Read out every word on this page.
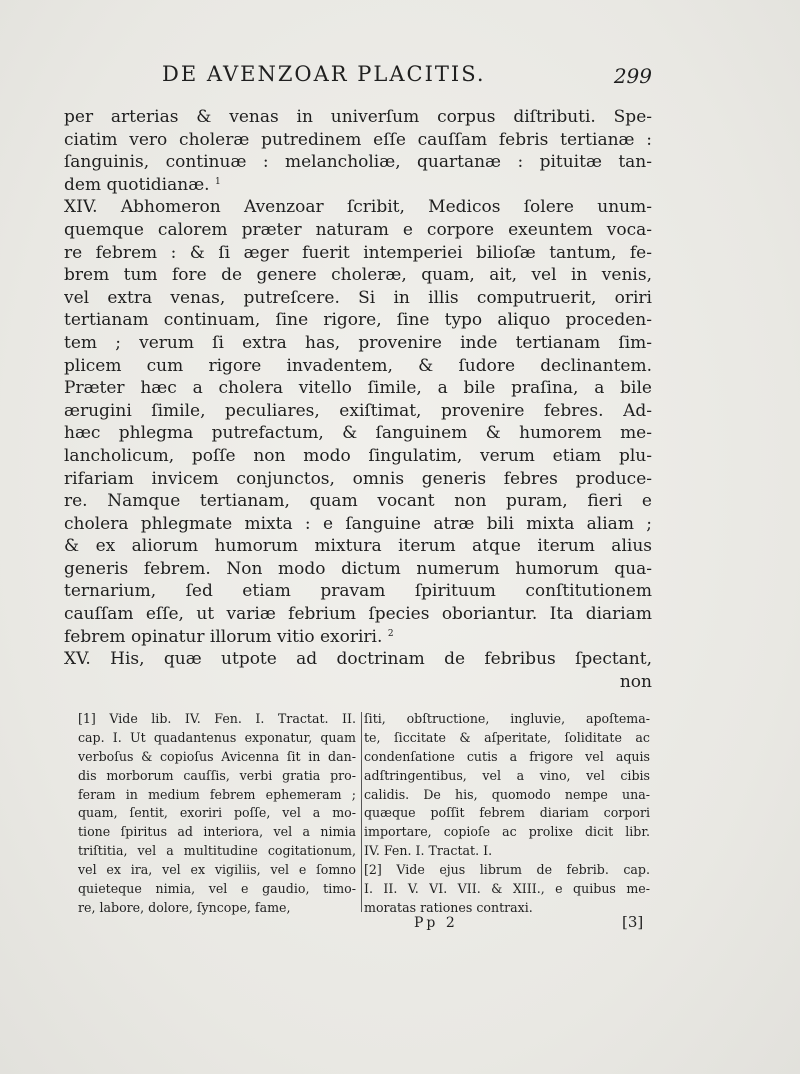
DE AVENZOAR PLACITIS.	299
per arterias & venas in univerſum corpus diſtributi. Spe-
ciatim vero choleræ putredinem eſſe cauſſam febris tertianæ :
ſanguinis, continuæ : melancholiæ, quartanæ : pituitæ tan-
dem quotidianæ. $^1$
XIV. Abhomeron Avenzoar ſcribit, Medicos ſolere unum-
quemque calorem præter naturam e corpore exeuntem voca-
re febrem : & ſi æger fuerit intemperiei bilioſæ tantum, fe-
brem tum fore de genere choleræ, quam, ait, vel in venis,
vel extra venas, putreſcere. Si in illis computruerit, oriri
tertianam continuam, ſine rigore, ſine typo aliquo proceden-
tem ; verum ſi extra has, provenire inde tertianam ſim-
plicem cum rigore invadentem, & ſudore declinantem.
Præter hæc a cholera vitello ſimile, a bile praſina, a bile
ærugini ſimile, peculiares, exiſtimat, provenire febres. Ad-
hæc phlegma putrefactum, & ſanguinem & humorem me-
lancholicum, poſſe non modo ſingulatim, verum etiam plu-
rifariam invicem conjunctos, omnis generis febres produce-
re. Namque tertianam, quam vocant non puram, fieri e
cholera phlegmate mixta : e ſanguine atræ bili mixta aliam ;
& ex aliorum humorum mixtura iterum atque iterum alius
generis febrem. Non modo dictum numerum humorum qua-
ternarium, ſed etiam pravam ſpirituum conſtitutionem
cauſſam eſſe, ut variæ febrium ſpecies oboriantur. Ita diariam
febrem opinatur illorum vitio exoriri. $^2$
XV. His, quæ utpote ad doctrinam de febribus ſpectant,
non
[1] Vide lib. IV. Fen. I. Tractat. II.
cap. I. Ut quadantenus exponatur, quam
verboſus & copioſus Avicenna ſit in dan-
dis morborum cauſſis, verbi gratia pro-
feram in medium febrem ephemeram ;
quam, ſentit, exoriri poſſe, vel a mo-
tione ſpiritus ad interiora, vel a nimia
triſtitia, vel a multitudine cogitationum,
vel ex ira, vel ex vigiliis, vel e ſomno
quieteque nimia, vel e gaudio, timo-
re, labore, dolore, ſyncope, fame,
ſiti, obſtructione, ingluvie, apoſtema-
te, ſiccitate & aſperitate, ſoliditate ac
condenſatione cutis a frigore vel aquis
adſtringentibus, vel a vino, vel cibis
calidis. De his, quomodo nempe una-
quæque poſſit febrem diariam corpori
importare, copioſe ac prolixe dicit libr.
IV. Fen. I. Tractat. I.
[2] Vide ejus librum de febrib. cap.
I. II. V. VI. VII. & XIII., e quibus me-
moratas rationes contraxi.
Pp 2	[3]
